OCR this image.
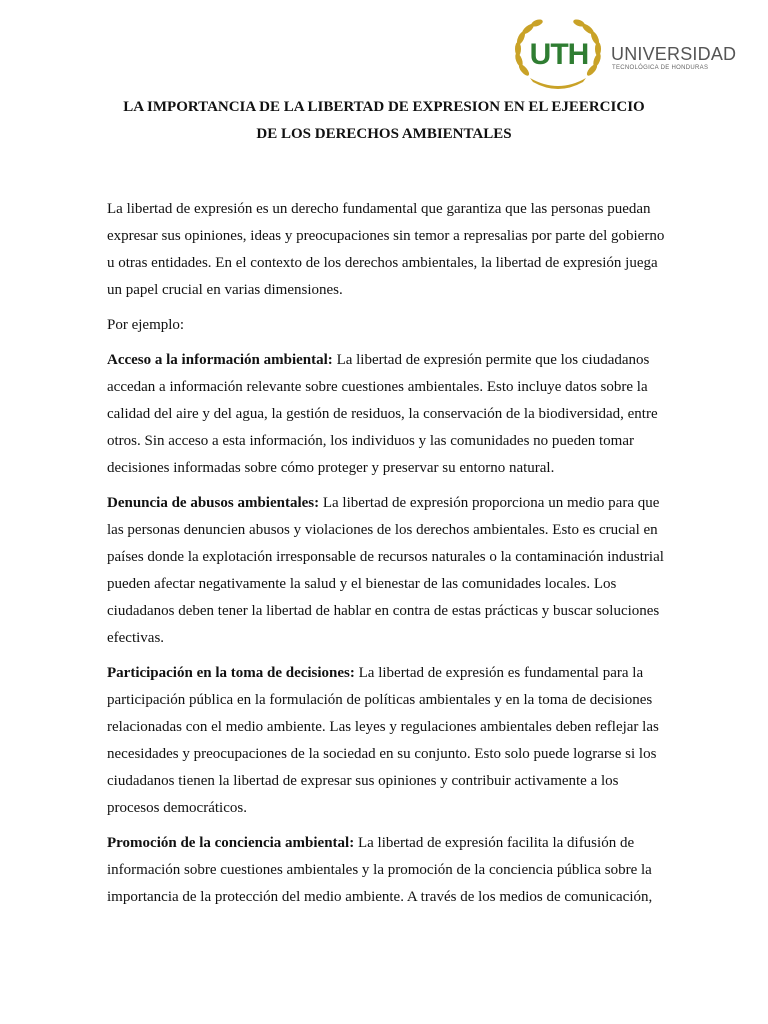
UTH	UNIVERSIDAD
TECNOLÓGICA DE HONDURAS
LA IMPORTANCIA DE LA LIBERTAD DE EXPRESION EN EL EJEERCICIO
DE LOS DERECHOS AMBIENTALES

La libertad de expresión es un derecho fundamental que garantiza que las personas puedan expresar sus opiniones, ideas y preocupaciones sin temor a represalias por parte del gobierno u otras entidades. En el contexto de los derechos ambientales, la libertad de expresión juega un papel crucial en varias dimensiones.

Por ejemplo:

Acceso a la información ambiental: La libertad de expresión permite que los ciudadanos accedan a información relevante sobre cuestiones ambientales. Esto incluye datos sobre la calidad del aire y del agua, la gestión de residuos, la conservación de la biodiversidad, entre otros. Sin acceso a esta información, los individuos y las comunidades no pueden tomar decisiones informadas sobre cómo proteger y preservar su entorno natural.

Denuncia de abusos ambientales: La libertad de expresión proporciona un medio para que las personas denuncien abusos y violaciones de los derechos ambientales. Esto es crucial en países donde la explotación irresponsable de recursos naturales o la contaminación industrial pueden afectar negativamente la salud y el bienestar de las comunidades locales. Los ciudadanos deben tener la libertad de hablar en contra de estas prácticas y buscar soluciones efectivas.

Participación en la toma de decisiones: La libertad de expresión es fundamental para la participación pública en la formulación de políticas ambientales y en la toma de decisiones relacionadas con el medio ambiente. Las leyes y regulaciones ambientales deben reflejar las necesidades y preocupaciones de la sociedad en su conjunto. Esto solo puede lograrse si los ciudadanos tienen la libertad de expresar sus opiniones y contribuir activamente a los procesos democráticos.

Promoción de la conciencia ambiental: La libertad de expresión facilita la difusión de información sobre cuestiones ambientales y la promoción de la conciencia pública sobre la importancia de la protección del medio ambiente. A través de los medios de comunicación,
